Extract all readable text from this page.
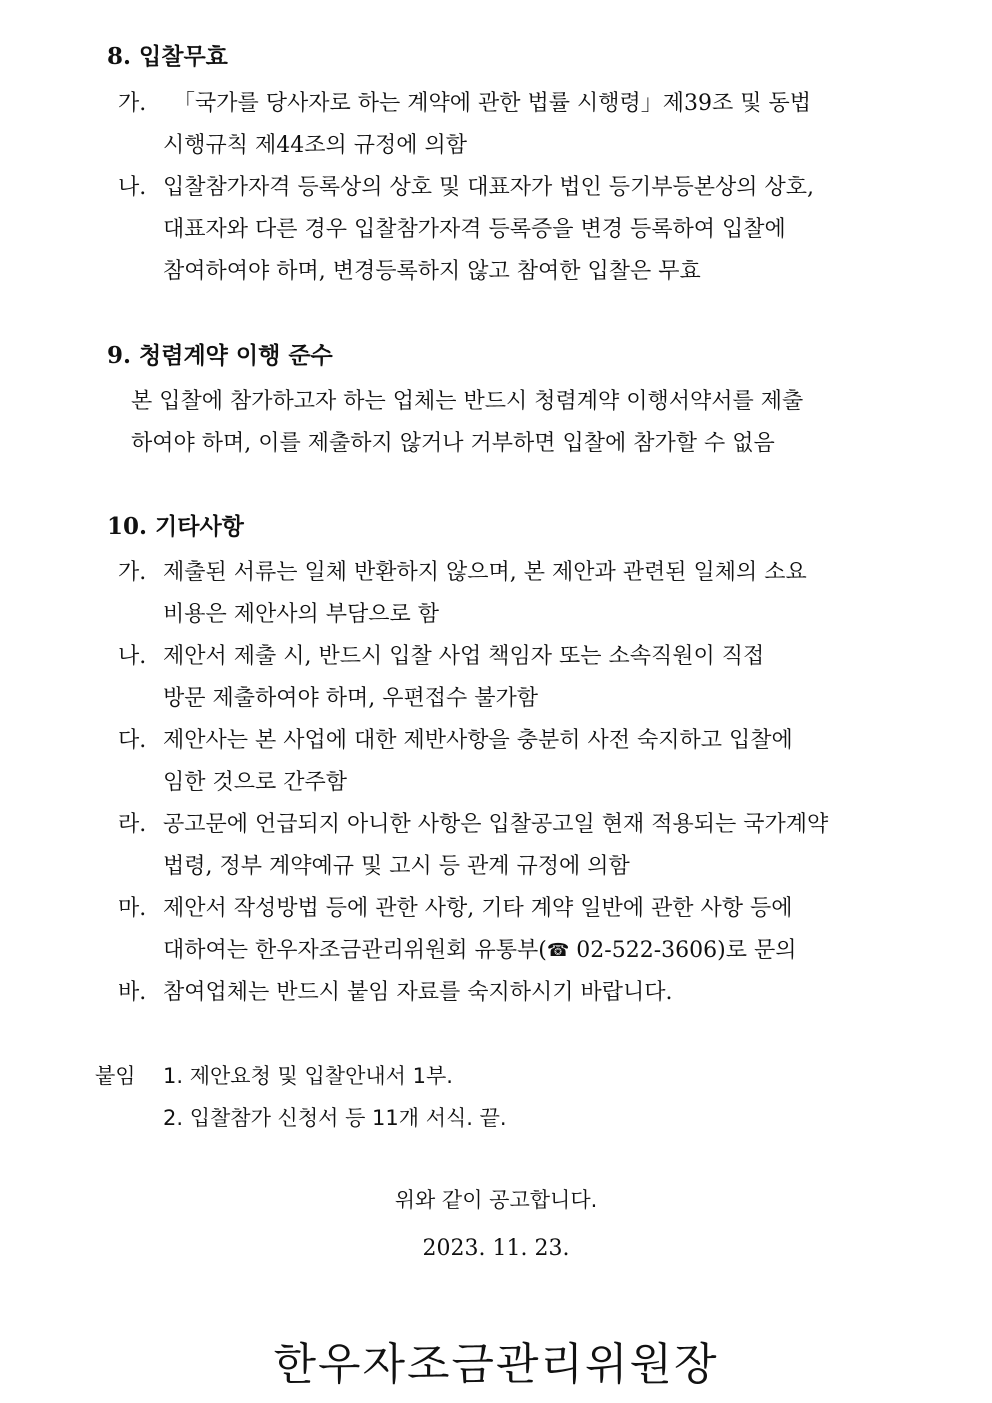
8. 입찰무효
가. 「국가를 당사자로 하는 계약에 관한 법률 시행령」제39조 및 동법
시행규칙 제44조의 규정에 의함
나. 입찰참가자격 등록상의 상호 및 대표자가 법인 등기부등본상의 상호,
대표자와 다른 경우 입찰참가자격 등록증을 변경 등록하여 입찰에
참여하여야 하며, 변경등록하지 않고 참여한 입찰은 무효
9. 청렴계약 이행 준수
본 입찰에 참가하고자 하는 업체는 반드시 청렴계약 이행서약서를 제출
하여야 하며, 이를 제출하지 않거나 거부하면 입찰에 참가할 수 없음
10. 기타사항
가. 제출된 서류는 일체 반환하지 않으며, 본 제안과 관련된 일체의 소요
비용은 제안사의 부담으로 함
나. 제안서 제출 시, 반드시 입찰 사업 책임자 또는 소속직원이 직접
방문 제출하여야 하며, 우편접수 불가함
다. 제안사는 본 사업에 대한 제반사항을 충분히 사전 숙지하고 입찰에
임한 것으로 간주함
라. 공고문에 언급되지 아니한 사항은 입찰공고일 현재 적용되는 국가계약
법령, 정부 계약예규 및 고시 등 관계 규정에 의함
마. 제안서 작성방법 등에 관한 사항, 기타 계약 일반에 관한 사항 등에
대하여는 한우자조금관리위원회 유통부(☎ 02-522-3606)로 문의
바. 참여업체는 반드시 붙임 자료를 숙지하시기 바랍니다.
붙임 1. 제안요청 및 입찰안내서 1부.
2. 입찰참가 신청서 등 11개 서식. 끝.
위와 같이 공고합니다.
2023. 11. 23.
한우자조금관리위원장
